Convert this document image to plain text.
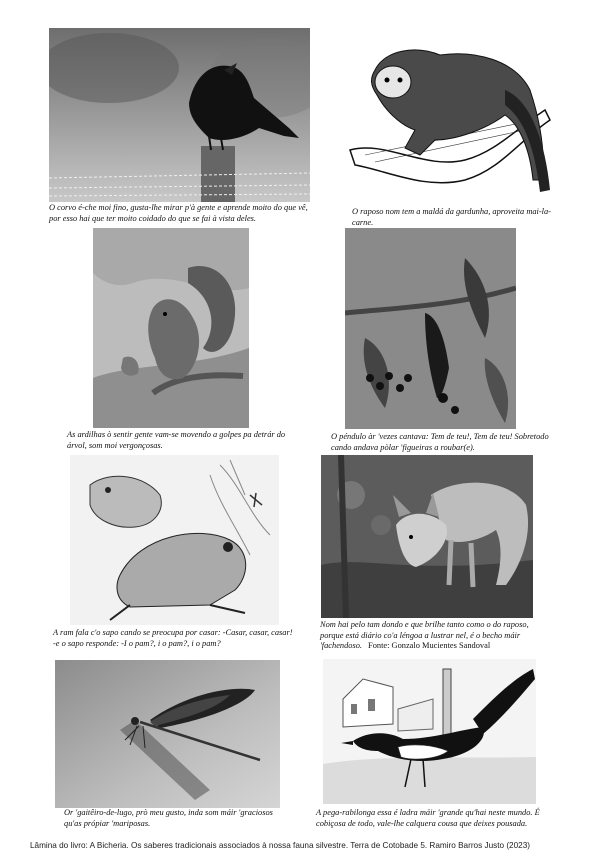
O corvo é-che moi fino, gusta-lhe mirar p'à gente e aprende moito do que vê, por esso hai que ter moito coidado do que se fai à vista deles.
O raposo nom tem a maldá da gardunha, aproveita mai-la-carne.
As ardilhas ò sentir gente vam-se movendo a golpes pa detrár do árvol, som moi vergonçosas.
O péndulo àr 'vezes cantava: Tem de teu!, Tem de teu! Sobretodo cando andava pòlar 'figueiras a roubar(e).
A ram fala c'o sapo cando se preocupa por casar: -Casar, casar, casar! -e o sapo responde: -I o pam?, i o pam?, i o pam?
Nom hai pelo tam dondo e que brilhe tanto como o do raposo, porque está diário co'a léngoa a lustrar nel, é o becho máir 'fachendoso. Fonte: Gonzalo Mucientes Sandoval
Or 'gaitêiro-de-lugo, prò meu gusto, inda som máir 'graciosos qu'as própiar 'mariposas.
A pega-rabilonga essa é ladra máir 'grande qu'hai neste mundo. É cobiçosa de todo, vale-lhe calquera cousa que deixes pousada.
Lâmina do livro: A Bicheria. Os saberes tradicionais associados à nossa fauna silvestre. Terra de Cotobade 5. Ramiro Barros Justo (2023)
